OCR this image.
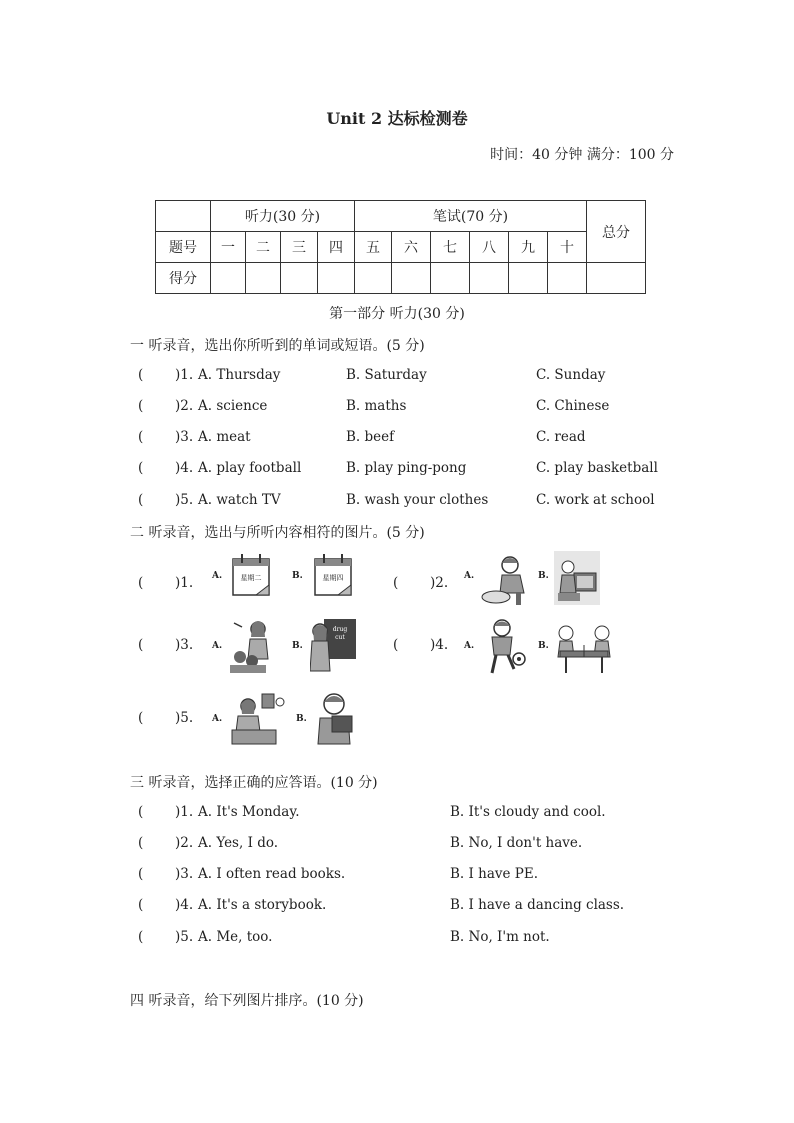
Unit 2 达标检测卷
时间：40 分钟 满分：100 分
	听力(30 分)				笔试(70 分)						总分
题号	一	二	三	四	五	六	七	八	九	十	
得分											
第一部分 听力(30 分)
一 听录音，选出你所听到的单词或短语。(5 分)
( )1. A. Thursday	B. Saturday	C. Sunday
( )2. A. science	B. maths	C. Chinese
( )3. A. meat	B. beef	C. read
( )4. A. play football	B. play ping-pong	C. play basketball
( )5. A. watch TV	B. wash your clothes	C. work at school
二 听录音，选出与所听内容相符的图片。(5 分)
( )1. A.	星期二	B.	星期四	( )2. A.	B.
( )3. A.	B.
drug
cut	( )4. A.	B.
( )5. A.	B.
三 听录音，选择正确的应答语。(10 分)
( )1. A. It's Monday.	B. It's cloudy and cool.
( )2. A. Yes, I do.	B. No, I don't have.
( )3. A. I often read books.	B. I have PE.
( )4. A. It's a storybook.	B. I have a dancing class.
( )5. A. Me, too.	B. No, I'm not.
四 听录音，给下列图片排序。(10 分)
